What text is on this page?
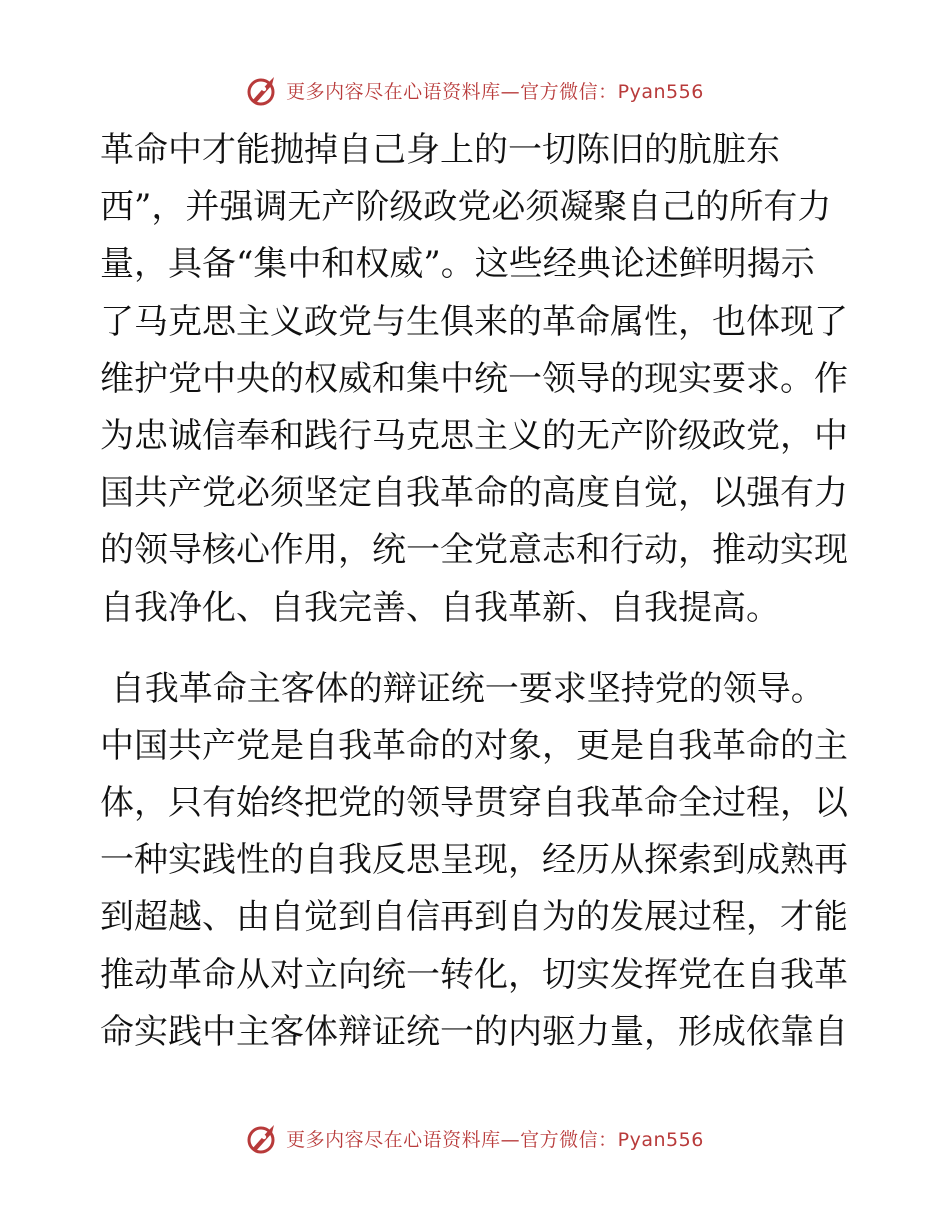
更多内容尽在心语资料库—官方微信：Pyan556
革命中才能抛掉自己身上的一切陈旧的肮脏东
西”，并强调无产阶级政党必须凝聚自己的所有力
量，具备“集中和权威”。这些经典论述鲜明揭示
了马克思主义政党与生俱来的革命属性，也体现了
维护党中央的权威和集中统一领导的现实要求。作
为忠诚信奉和践行马克思主义的无产阶级政党，中
国共产党必须坚定自我革命的高度自觉，以强有力
的领导核心作用，统一全党意志和行动，推动实现
自我净化、自我完善、自我革新、自我提高。
自我革命主客体的辩证统一要求坚持党的领导。
中国共产党是自我革命的对象，更是自我革命的主
体，只有始终把党的领导贯穿自我革命全过程，以
一种实践性的自我反思呈现，经历从探索到成熟再
到超越、由自觉到自信再到自为的发展过程，才能
推动革命从对立向统一转化，切实发挥党在自我革
命实践中主客体辩证统一的内驱力量，形成依靠自
更多内容尽在心语资料库—官方微信：Pyan556
